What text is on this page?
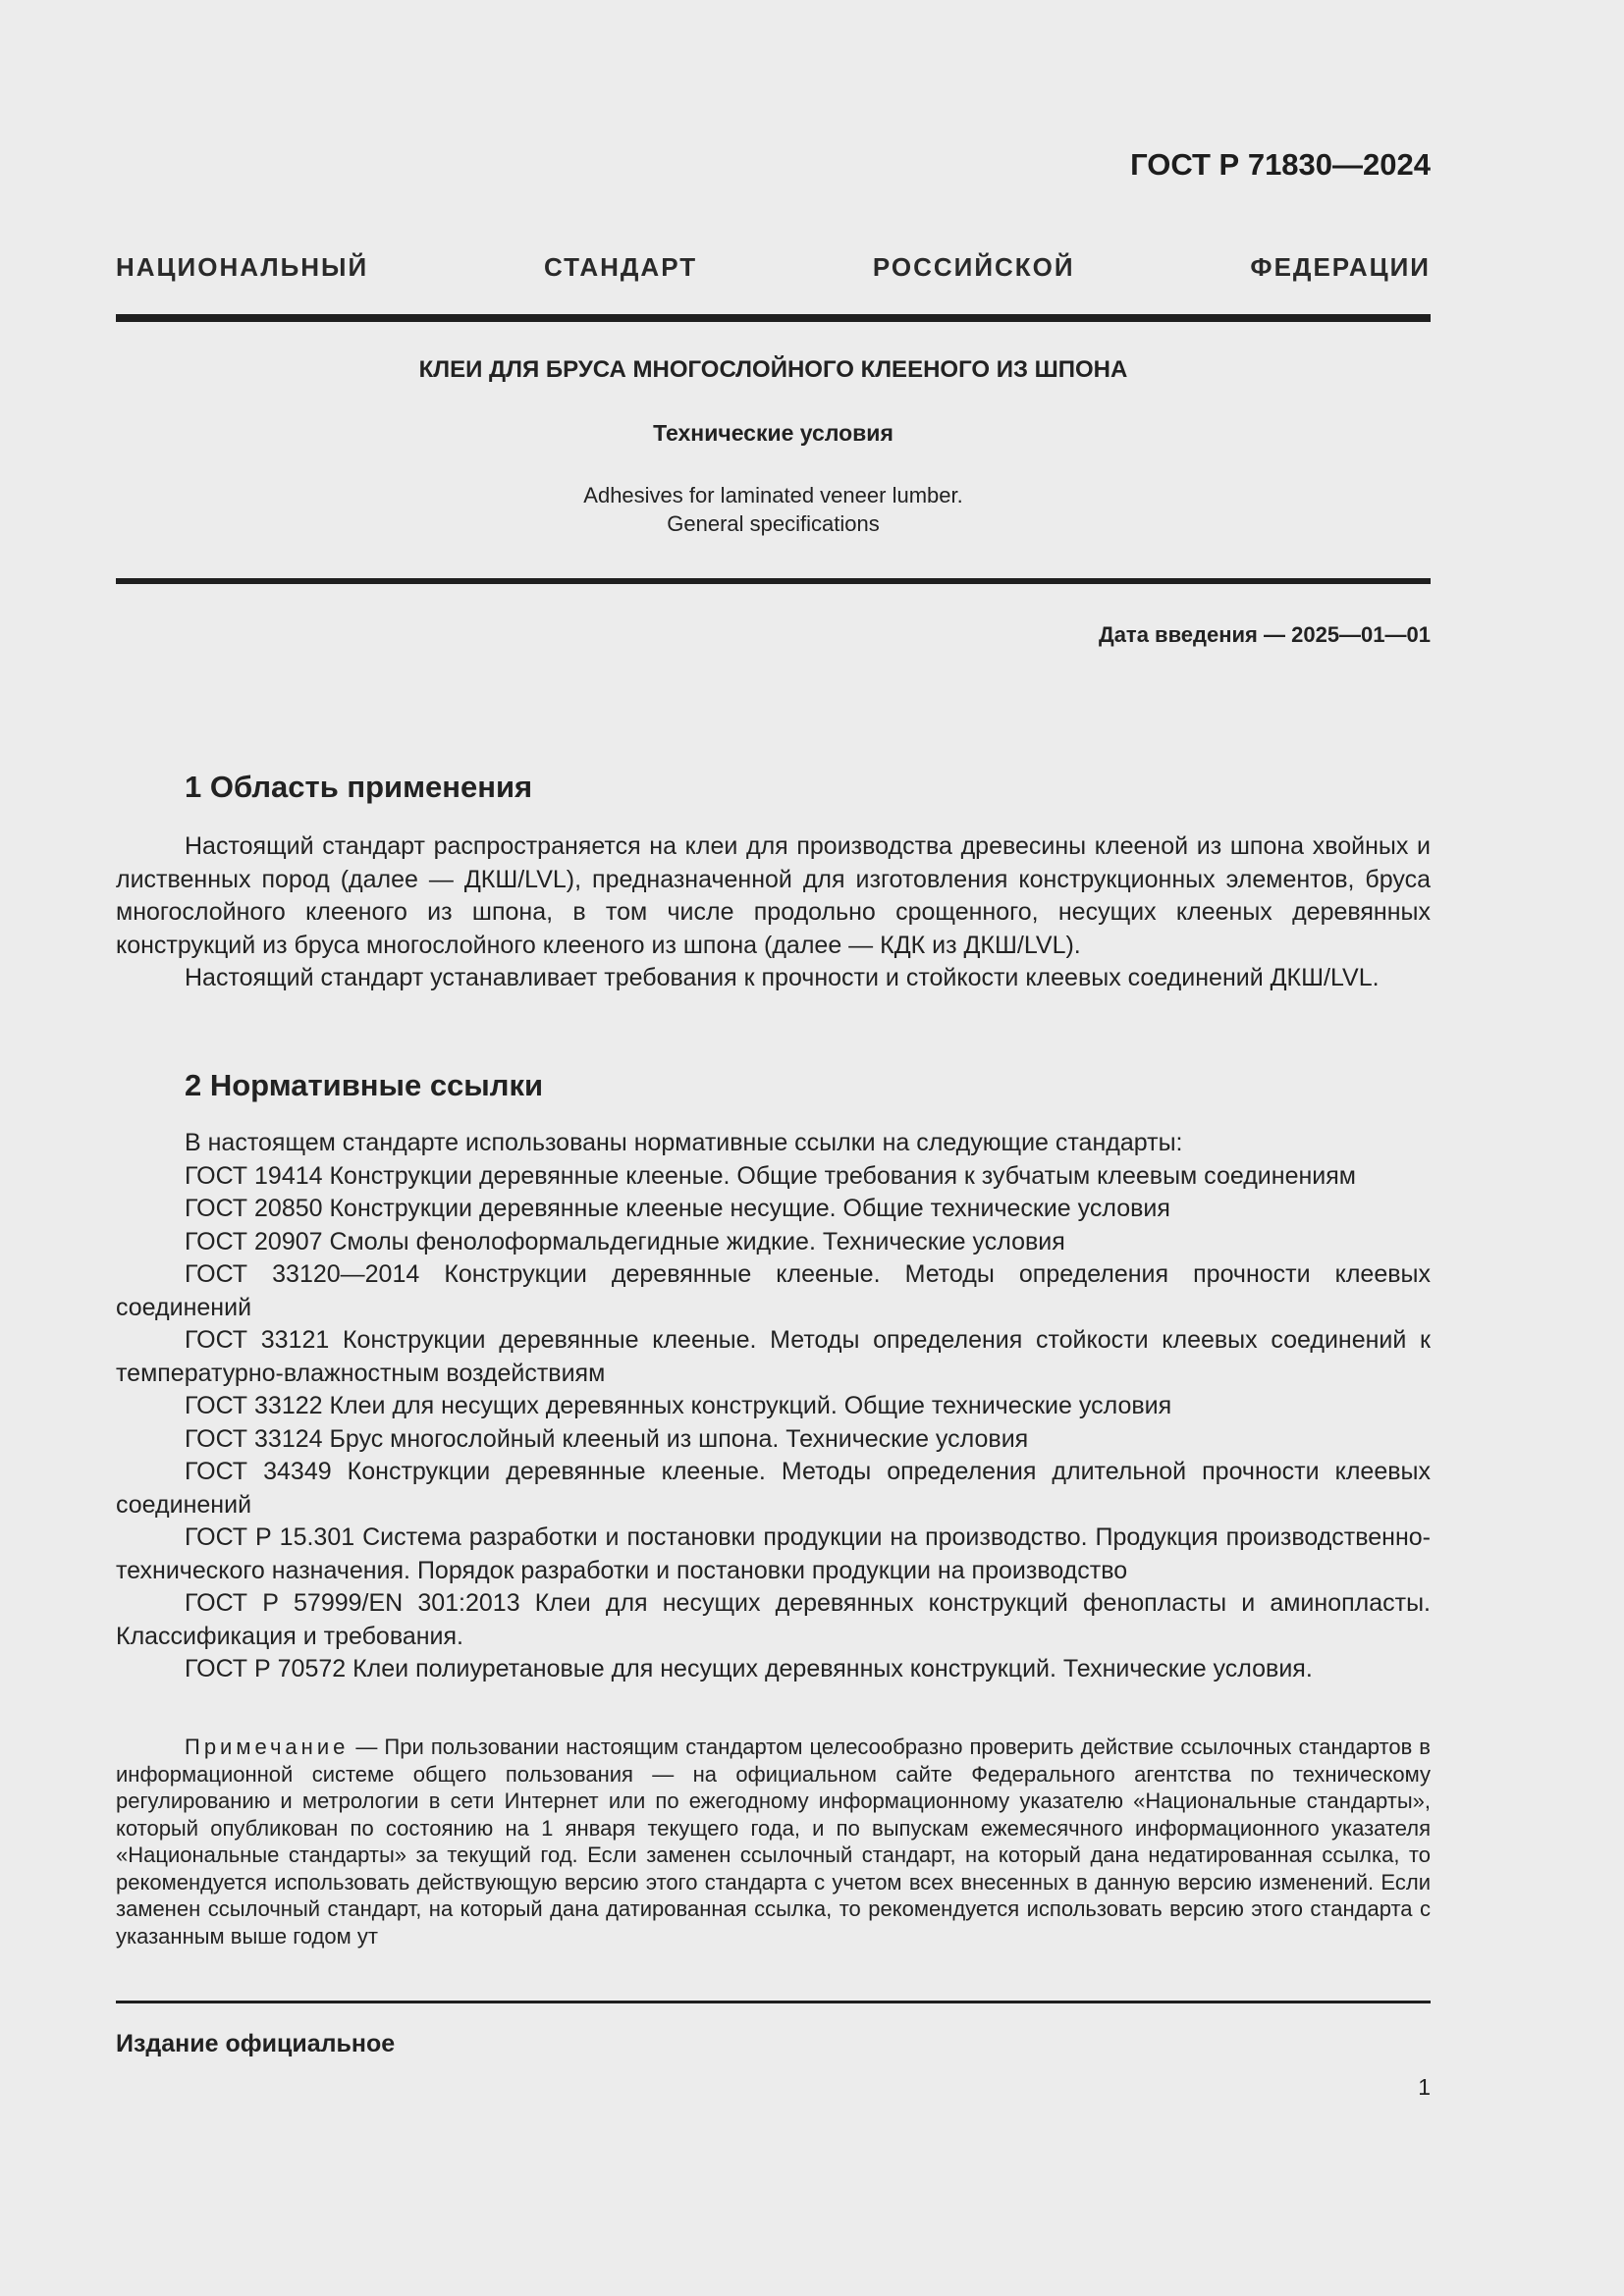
ГОСТ Р 71830—2024
НАЦИОНАЛЬНЫЙ СТАНДАРТ РОССИЙСКОЙ ФЕДЕРАЦИИ
КЛЕИ ДЛЯ БРУСА МНОГОСЛОЙНОГО КЛЕЕНОГО ИЗ ШПОНА
Технические условия
Adhesives for laminated veneer lumber.
General specifications
Дата введения — 2025—01—01
1 Область применения

Настоящий стандарт распространяется на клеи для производства древесины клееной из шпона хвойных и лиственных пород (далее — ДКШ/LVL), предназначенной для изготовления конструкционных элементов, бруса многослойного клееного из шпона, в том числе продольно срощенного, несущих клееных деревянных конструкций из бруса многослойного клееного из шпона (далее — КДК из ДКШ/LVL).

Настоящий стандарт устанавливает требования к прочности и стойкости клеевых соединений ДКШ/LVL.

2 Нормативные ссылки

В настоящем стандарте использованы нормативные ссылки на следующие стандарты:

ГОСТ 19414 Конструкции деревянные клееные. Общие требования к зубчатым клеевым соединениям

ГОСТ 20850 Конструкции деревянные клееные несущие. Общие технические условия

ГОСТ 20907 Смолы фенолоформальдегидные жидкие. Технические условия

ГОСТ 33120—2014 Конструкции деревянные клееные. Методы определения прочности клеевых соединений

ГОСТ 33121 Конструкции деревянные клееные. Методы определения стойкости клеевых соединений к температурно-влажностным воздействиям

ГОСТ 33122 Клеи для несущих деревянных конструкций. Общие технические условия

ГОСТ 33124 Брус многослойный клееный из шпона. Технические условия

ГОСТ 34349 Конструкции деревянные клееные. Методы определения длительной прочности клеевых соединений

ГОСТ Р 15.301 Система разработки и постановки продукции на производство. Продукция производственно-технического назначения. Порядок разработки и постановки продукции на производство

ГОСТ Р 57999/EN 301:2013 Клеи для несущих деревянных конструкций фенопласты и аминопласты. Классификация и требования.

ГОСТ Р 70572 Клеи полиуретановые для несущих деревянных конструкций. Технические условия.

Примечание — При пользовании настоящим стандартом целесообразно проверить действие ссылочных стандартов в информационной системе общего пользования — на официальном сайте Федерального агентства по техническому регулированию и метрологии в сети Интернет или по ежегодному информационному указателю «Национальные стандарты», который опубликован по состоянию на 1 января текущего года, и по выпускам ежемесячного информационного указателя «Национальные стандарты» за текущий год. Если заменен ссылочный стандарт, на который дана недатированная ссылка, то рекомендуется использовать действующую версию этого стандарта с учетом всех внесенных в данную версию изменений. Если заменен ссылочный стандарт, на который дана датированная ссылка, то рекомендуется использовать версию этого стандарта с указанным выше годом ут

Издание официальное
1
